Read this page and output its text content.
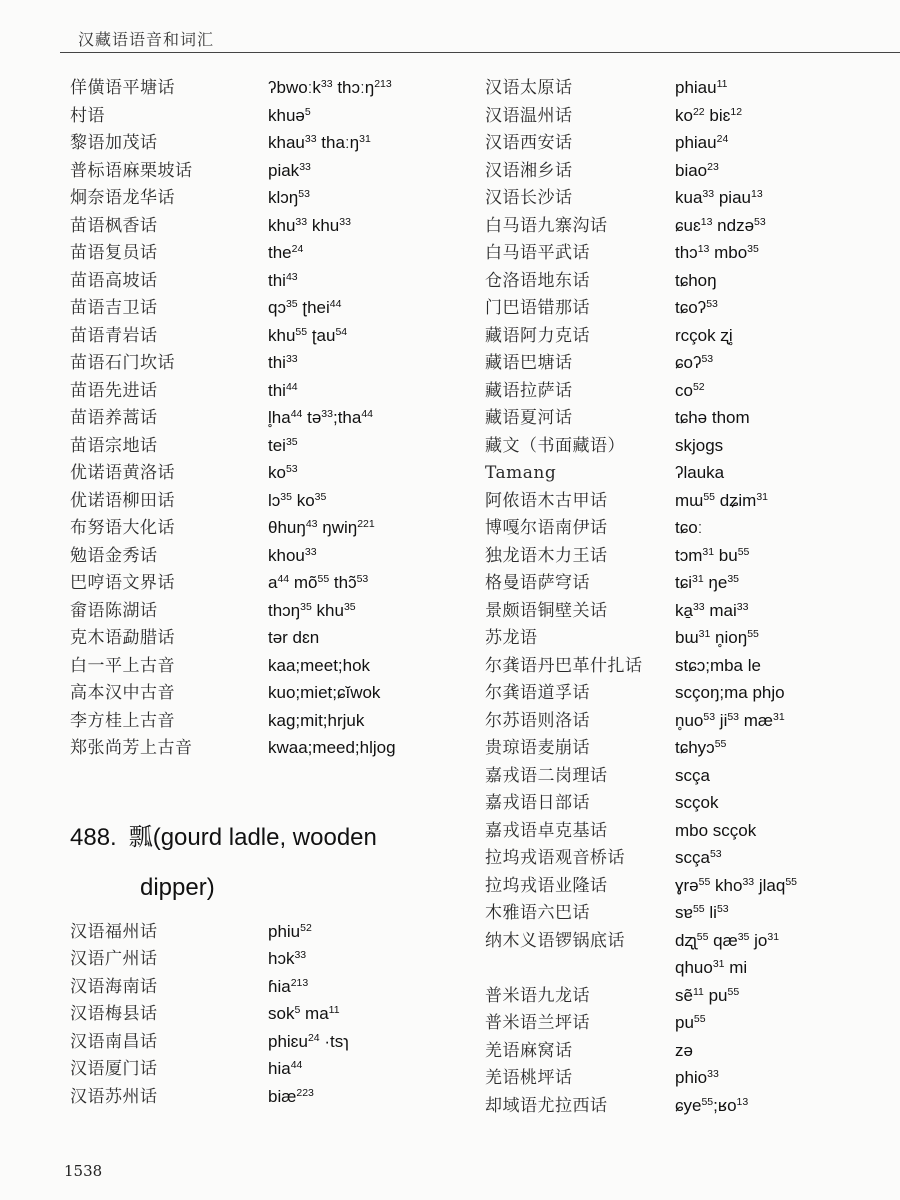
汉藏语语音和词汇
佯僙语平塘话	ʔbwoːk$^{33}$ thɔːŋ$^{213}$
村语	khuə$^5$
黎语加茂话	khau$^{33}$ thaːŋ$^{31}$
普标语麻栗坡话	piak$^{33}$
炯奈语龙华话	klɔŋ$^{53}$
苗语枫香话	khu$^{33}$ khu$^{33}$
苗语复员话	the$^{24}$
苗语高坡话	thi$^{43}$
苗语吉卫话	qɔ$^{35}$ ʈhei$^{44}$
苗语青岩话	khu$^{55}$ ʈau$^{54}$
苗语石门坎话	thi$^{33}$
苗语先进话	thi$^{44}$
苗语养蒿话	$l̥ha^{44}$ tə$^{33}$;tha$^{44}$
苗语宗地话	tei$^{35}$
优诺语黄洛话	$ko^{53}$
优诺语柳田话	lɔ$^{35}$ $ko^{35}$
布努语大化话	θhuŋ$^{43}$ ŋwiŋ$^{221}$
勉语金秀话	khou$^{33}$
巴哼语文界话	$a^{44}$ $mõ^{55}$ thɔ̃$^{53}$
畲语陈湖话	thɔŋ$^{35}$ khu$^{35}$
克木语勐腊话	tər dɛn
白一平上古音	kaa;meet;hok
高本汉中古音	kuo;miet;ɕĭwok
李方桂上古音	kag;mit;hrjuk
郑张尚芳上古音	kwaa;meed;hljog
488. 瓢(gourd ladle, wooden
dipper)
汉语福州话	phiu$^{52}$
汉语广州话	hɔk$^{33}$
汉语海南话	ɦia$^{213}$
汉语梅县话	sok$^5$ $ma^{11}$
汉语南昌话	phiɛu$^{24}$ ·tsɿ
汉语厦门话	hia$^{44}$
汉语苏州话	biæ$^{223}$
汉语太原话	phiau$^{11}$
汉语温州话	$ko^{22}$ biɛ$^{12}$
汉语西安话	phiau$^{24}$
汉语湘乡话	biao$^{23}$
汉语长沙话	kua$^{33}$ piau$^{13}$
白马语九寨沟话	ɕuɛ$^{13}$ ndzə$^{53}$
白马语平武话	thɔ$^{13}$ mbo$^{35}$
仓洛语地东话	tɕhoŋ
门巴语错那话	tɕoʔ$^{53}$
藏语阿力克话	rcçok ʐi̥
藏语巴塘话	ɕoʔ$^{53}$
藏语拉萨话	$co^{52}$
藏语夏河话	tɕhə thom
藏文（书面藏语）	skjogs
Tamang	ʔlauka
阿侬语木古甲话	mɯ$^{55}$ dʑim$^{31}$
博嘎尔语南伊话	tɕoː
独龙语木力王话	tɔm$^{31}$ $bu^{55}$
格曼语萨穹话	tɕi$^{31}$ $ŋe^{35}$
景颇语铜壁关话	ka̱$^{33}$ mai$^{33}$
苏龙语	bɯ$^{31}$ n̥ioŋ$^{55}$
尔龚语丹巴革什扎话	stɕɔ;mba le
尔龚语道孚话	scçoŋ;ma phjo
尔苏语则洛话	$n̥uo^{53}$ $ji^{53}$ $mæ^{31}$
贵琼语麦崩话	tɕhyɔ$^{55}$
嘉戎语二岗理话	scça
嘉戎语日部话	scçok
嘉戎语卓克基话	mbo scçok
拉坞戎语观音桥话	scça$^{53}$
拉坞戎语业隆话	ɣrə$^{55}$ kho$^{33}$ jlaq$^{55}$
木雅语六巴话	sɐ$^{55}$ $li^{53}$
纳木义语锣锅底话	dʐʅ$^{55}$ $qæ^{35}$ $jo^{31}$
qhuo$^{31}$ mi
普米语九龙话	sẽ$^{11}$ $pu^{55}$
普米语兰坪话	$pu^{55}$
羌语麻窝话	zə
羌语桃坪话	phio$^{33}$
却域语尤拉西话	ɕye$^{55}$;ʁo$^{13}$
1538
